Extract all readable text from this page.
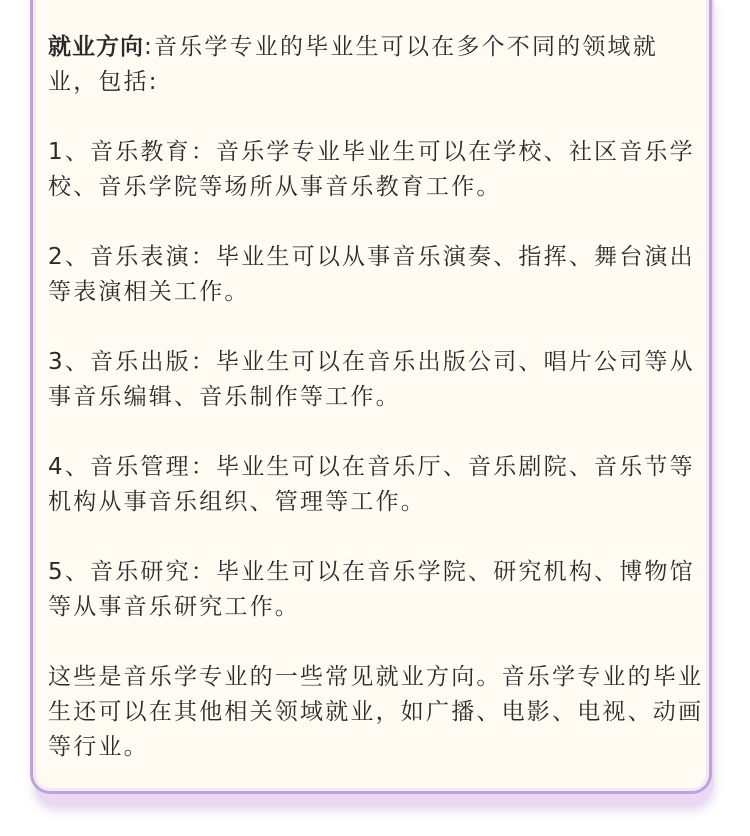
就业方向:音乐学专业的毕业生可以在多个不同的领域就业，包括:

1、音乐教育：音乐学专业毕业生可以在学校、社区音乐学校、音乐学院等场所从事音乐教育工作。

2、音乐表演：毕业生可以从事音乐演奏、指挥、舞台演出等表演相关工作。

3、音乐出版：毕业生可以在音乐出版公司、唱片公司等从事音乐编辑、音乐制作等工作。

4、音乐管理：毕业生可以在音乐厅、音乐剧院、音乐节等机构从事音乐组织、管理等工作。

5、音乐研究：毕业生可以在音乐学院、研究机构、博物馆等从事音乐研究工作。

这些是音乐学专业的一些常见就业方向。音乐学专业的毕业生还可以在其他相关领域就业，如广播、电影、电视、动画等行业。
